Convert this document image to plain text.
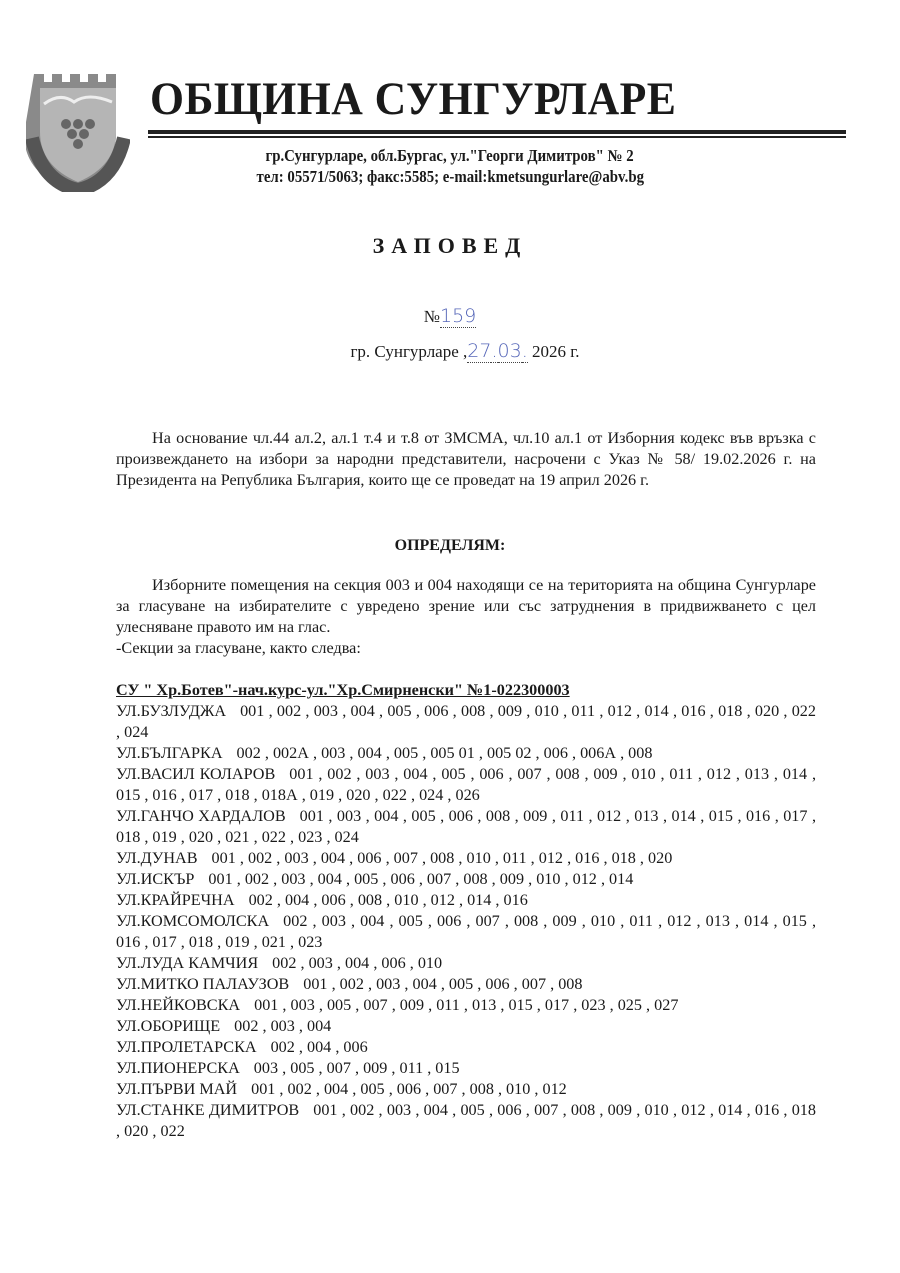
ОБЩИНА СУНГУРЛАРЕ
гр.Сунгурларе, обл.Бургас, ул."Георги Димитров" № 2
тел: 05571/5063; факс:5585; e-mail:kmetsungurlare@abv.bg
ЗАПОВЕД
№159
гр. Сунгурларе ,27.03. 2026 г.
На основание чл.44 ал.2, ал.1 т.4 и т.8 от ЗМСМА, чл.10 ал.1 от Изборния кодекс във връзка с произвеждането на избори за народни представители, насрочени с Указ № 58/ 19.02.2026 г. на Президента на Република България, които ще се проведат на 19 април 2026 г.
ОПРЕДЕЛЯМ:
Изборните помещения на секция 003 и 004 находящи се на територията на община Сунгурларе за гласуване на избирателите с увредено зрение или със затруднения в придвижването с цел улесняване правото им на глас.
-Секции за гласуване, както следва:
СУ " Хр.Ботев"-нач.курс-ул."Хр.Смирненски" №1-022300003
УЛ.БУЗЛУДЖА 001 , 002 , 003 , 004 , 005 , 006 , 008 , 009 , 010 , 011 , 012 , 014 , 016 , 018 , 020 , 022 , 024
УЛ.БЪЛГАРКА 002 , 002А , 003 , 004 , 005 , 005 01 , 005 02 , 006 , 006А , 008
УЛ.ВАСИЛ КОЛАРОВ 001 , 002 , 003 , 004 , 005 , 006 , 007 , 008 , 009 , 010 , 011 , 012 , 013 , 014 , 015 , 016 , 017 , 018 , 018А , 019 , 020 , 022 , 024 , 026
УЛ.ГАНЧО ХАРДАЛОВ 001 , 003 , 004 , 005 , 006 , 008 , 009 , 011 , 012 , 013 , 014 , 015 , 016 , 017 , 018 , 019 , 020 , 021 , 022 , 023 , 024
УЛ.ДУНАВ 001 , 002 , 003 , 004 , 006 , 007 , 008 , 010 , 011 , 012 , 016 , 018 , 020
УЛ.ИСКЪР 001 , 002 , 003 , 004 , 005 , 006 , 007 , 008 , 009 , 010 , 012 , 014
УЛ.КРАЙРЕЧНА 002 , 004 , 006 , 008 , 010 , 012 , 014 , 016
УЛ.КОМСОМОЛСКА 002 , 003 , 004 , 005 , 006 , 007 , 008 , 009 , 010 , 011 , 012 , 013 , 014 , 015 , 016 , 017 , 018 , 019 , 021 , 023
УЛ.ЛУДА КАМЧИЯ 002 , 003 , 004 , 006 , 010
УЛ.МИТКО ПАЛАУЗОВ 001 , 002 , 003 , 004 , 005 , 006 , 007 , 008
УЛ.НЕЙКОВСКА 001 , 003 , 005 , 007 , 009 , 011 , 013 , 015 , 017 , 023 , 025 , 027
УЛ.ОБОРИЩЕ 002 , 003 , 004
УЛ.ПРОЛЕТАРСКА 002 , 004 , 006
УЛ.ПИОНЕРСКА 003 , 005 , 007 , 009 , 011 , 015
УЛ.ПЪРВИ МАЙ 001 , 002 , 004 , 005 , 006 , 007 , 008 , 010 , 012
УЛ.СТАНКЕ ДИМИТРОВ 001 , 002 , 003 , 004 , 005 , 006 , 007 , 008 , 009 , 010 , 012 , 014 , 016 , 018 , 020 , 022
